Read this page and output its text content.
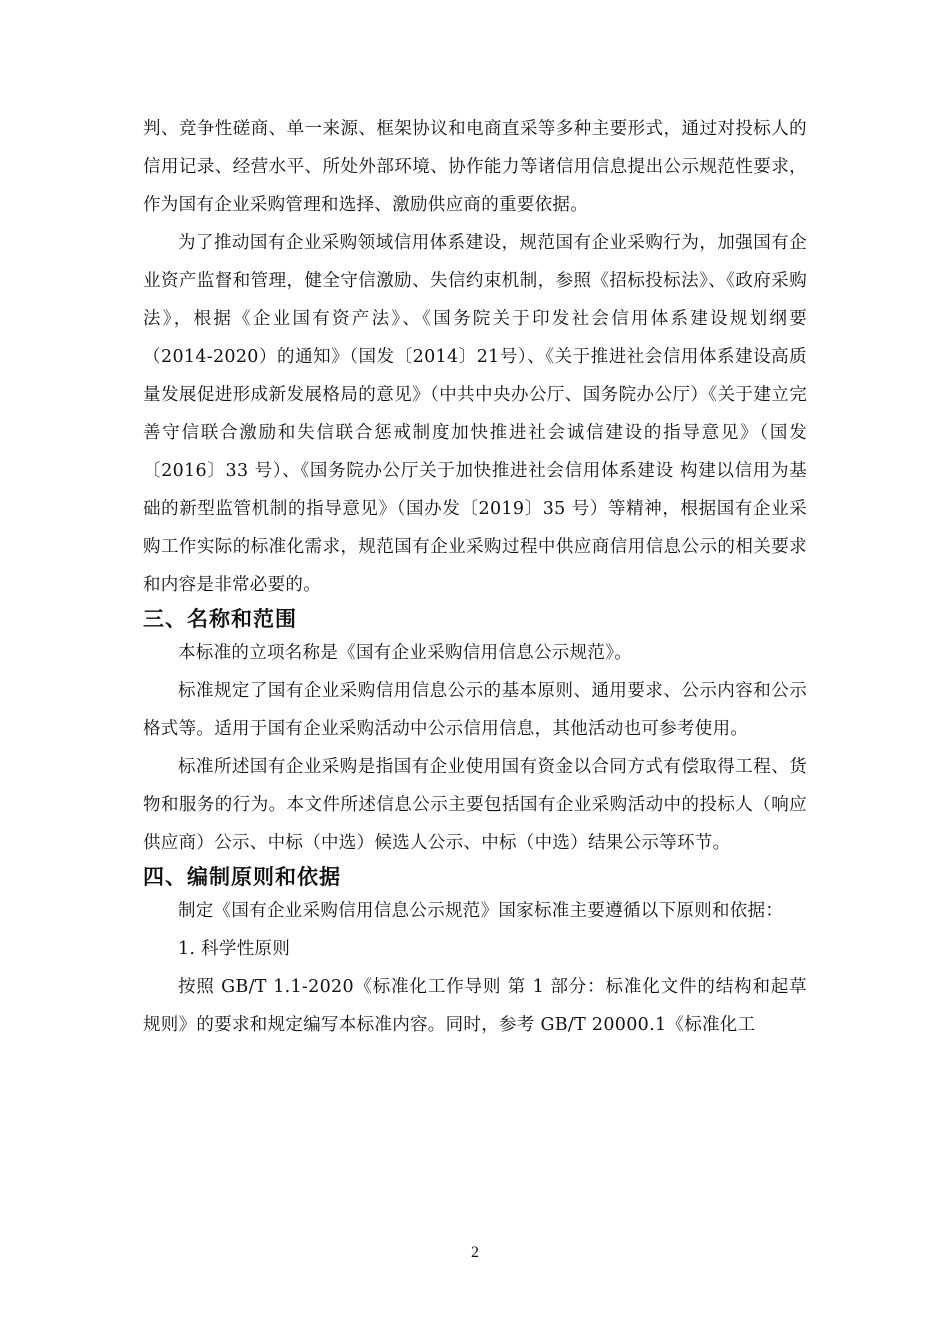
判、竞争性磋商、单一来源、框架协议和电商直采等多种主要形式，通过对投标人的信用记录、经营水平、所处外部环境、协作能力等诸信用信息提出公示规范性要求，作为国有企业采购管理和选择、激励供应商的重要依据。

为了推动国有企业采购领域信用体系建设，规范国有企业采购行为，加强国有企业资产监督和管理，健全守信激励、失信约束机制，参照《招标投标法》、《政府采购法》，根据《企业国有资产法》、《国务院关于印发社会信用体系建设规划纲要（2014-2020）的通知》（国发〔2014〕21号）、《关于推进社会信用体系建设高质量发展促进形成新发展格局的意见》（中共中央办公厅、国务院办公厅）《关于建立完善守信联合激励和失信联合惩戒制度加快推进社会诚信建设的指导意见》（国发〔2016〕33 号）、《国务院办公厅关于加快推进社会信用体系建设 构建以信用为基础的新型监管机制的指导意见》（国办发〔2019〕35 号）等精神，根据国有企业采购工作实际的标准化需求，规范国有企业采购过程中供应商信用信息公示的相关要求和内容是非常必要的。

三、名称和范围

本标准的立项名称是《国有企业采购信用信息公示规范》。

标准规定了国有企业采购信用信息公示的基本原则、通用要求、公示内容和公示格式等。适用于国有企业采购活动中公示信用信息，其他活动也可参考使用。

标准所述国有企业采购是指国有企业使用国有资金以合同方式有偿取得工程、货物和服务的行为。本文件所述信息公示主要包括国有企业采购活动中的投标人（响应供应商）公示、中标（中选）候选人公示、中标（中选）结果公示等环节。

四、编制原则和依据

制定《国有企业采购信用信息公示规范》国家标准主要遵循以下原则和依据：

1. 科学性原则

按照 GB/T 1.1-2020《标准化工作导则 第 1 部分：标准化文件的结构和起草规则》的要求和规定编写本标准内容。同时，参考 GB/T 20000.1《标准化工

2
